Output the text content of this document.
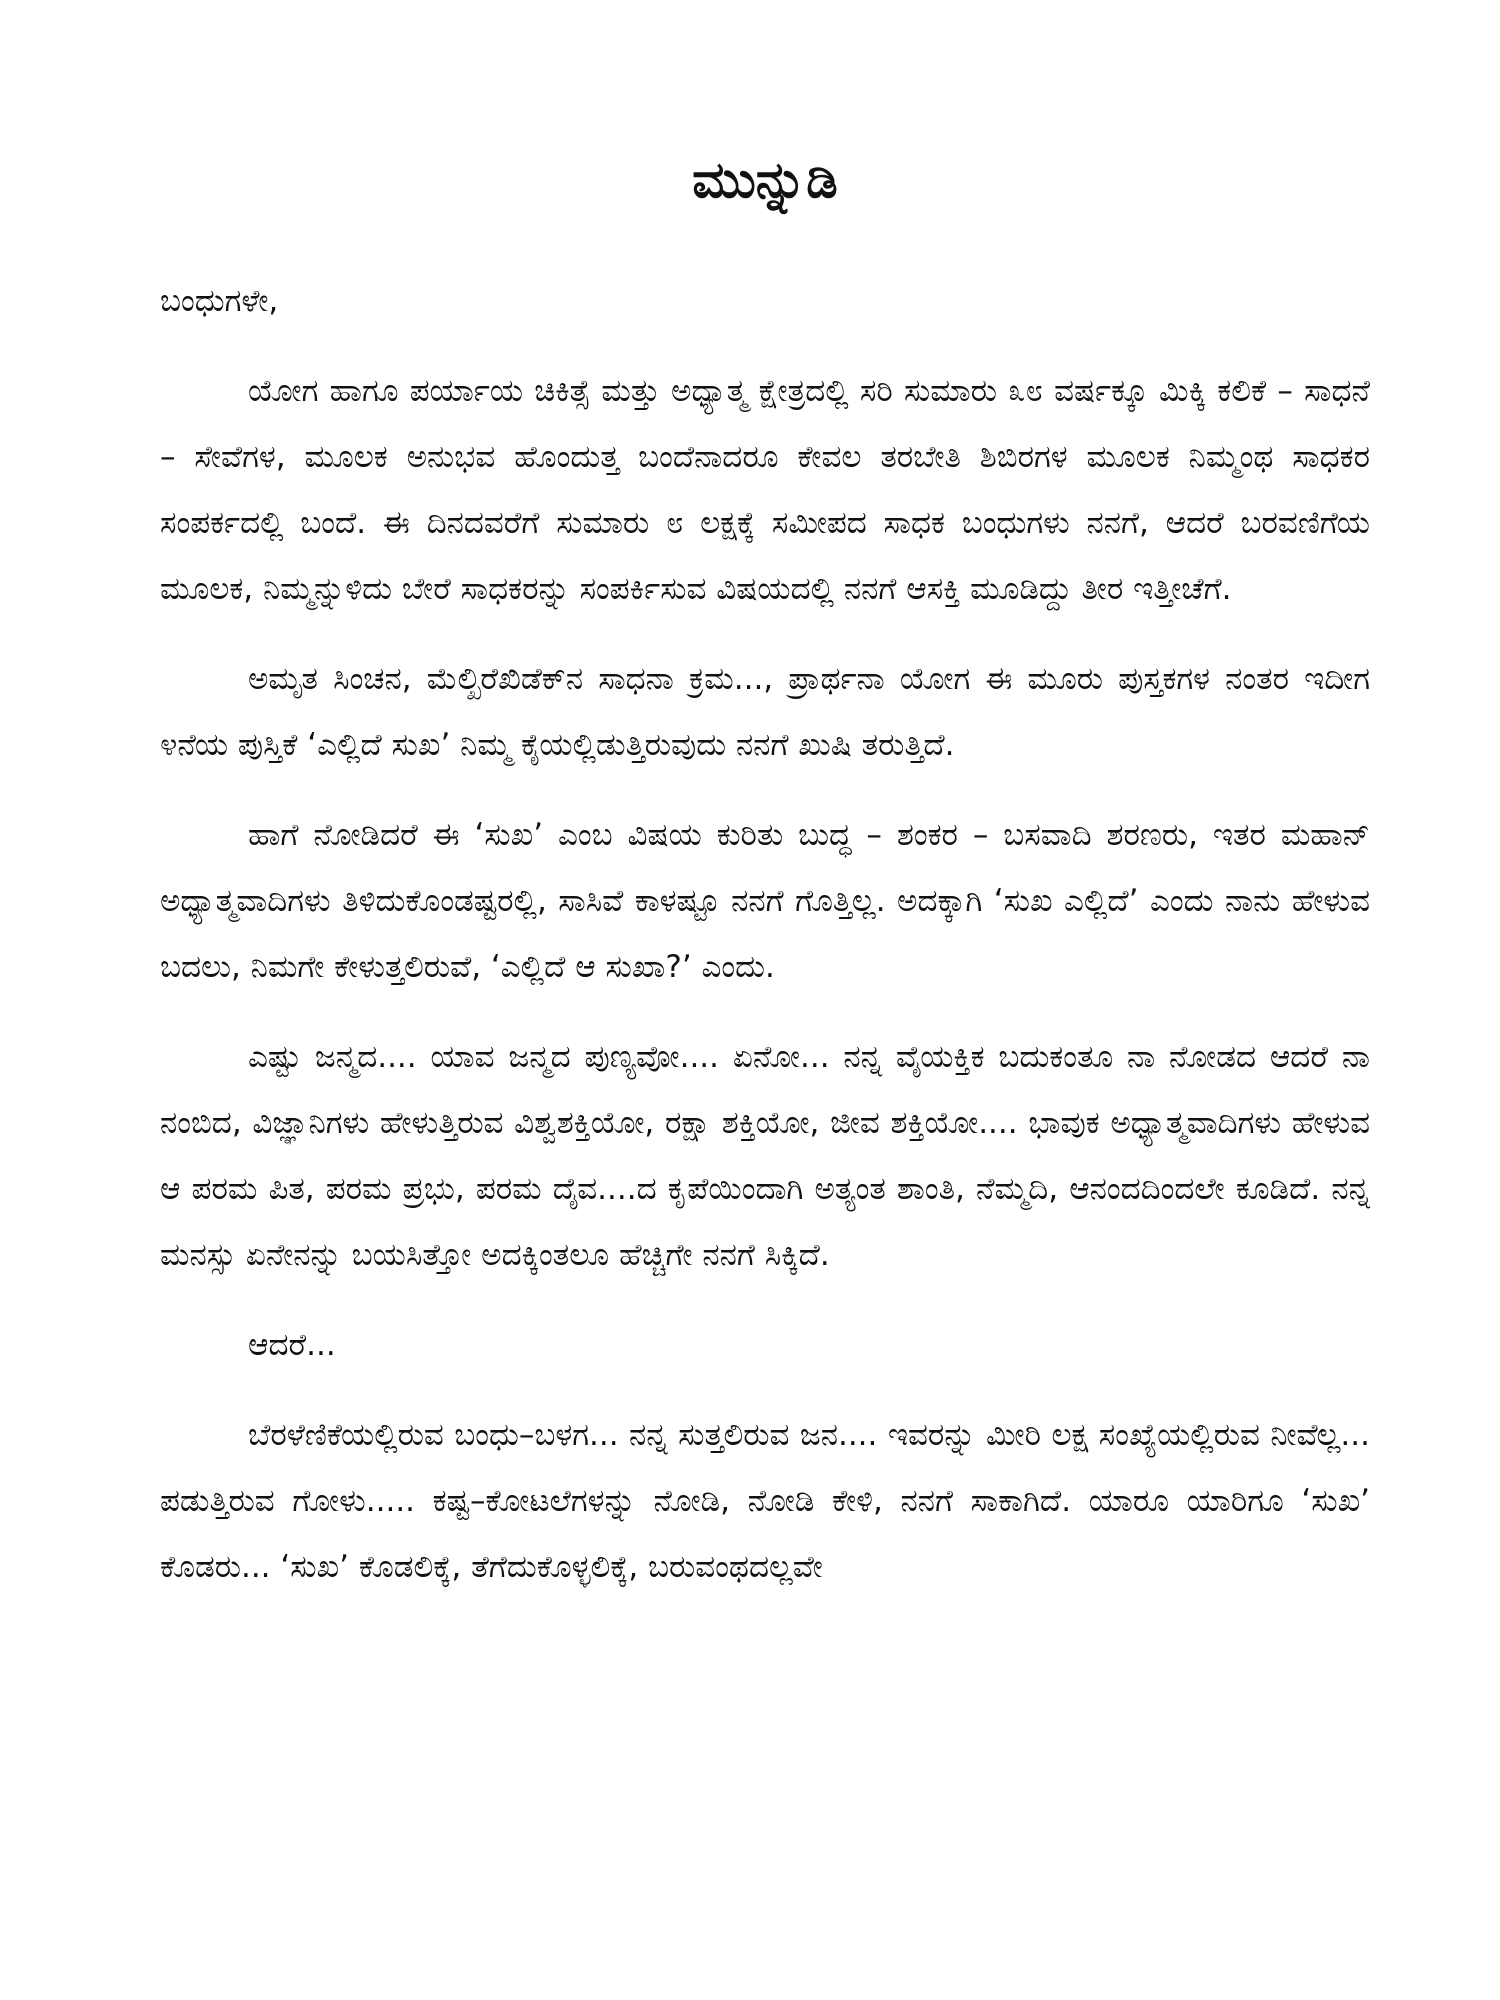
ಮುನ್ನುಡಿ
ಬಂಧುಗಳೇ,

ಯೋಗ ಹಾಗೂ ಪರ್ಯಾಯ ಚಿಕಿತ್ಸೆ ಮತ್ತು ಅಧ್ಯಾತ್ಮ ಕ್ಷೇತ್ರದಲ್ಲಿ ಸರಿ ಸುಮಾರು ೩೮ ವರ್ಷಕ್ಕೂ ಮಿಕ್ಕಿ ಕಲಿಕೆ – ಸಾಧನೆ – ಸೇವೆಗಳ, ಮೂಲಕ ಅನುಭವ ಹೊಂದುತ್ತ ಬಂದೆನಾದರೂ ಕೇವಲ ತರಬೇತಿ ಶಿಬಿರಗಳ ಮೂಲಕ ನಿಮ್ಮಂಥ ಸಾಧಕರ ಸಂಪರ್ಕದಲ್ಲಿ ಬಂದೆ. ಈ ದಿನದವರೆಗೆ ಸುಮಾರು ೮ ಲಕ್ಷಕ್ಕೆ ಸಮೀಪದ ಸಾಧಕ ಬಂಧುಗಳು ನನಗೆ, ಆದರೆ ಬರವಣಿಗೆಯ ಮೂಲಕ, ನಿಮ್ಮನ್ನುಳಿದು ಬೇರೆ ಸಾಧಕರನ್ನು ಸಂಪರ್ಕಿಸುವ ವಿಷಯದಲ್ಲಿ ನನಗೆ ಆಸಕ್ತಿ ಮೂಡಿದ್ದು ತೀರ ಇತ್ತೀಚೆಗೆ.

ಅಮೃತ ಸಿಂಚನ, ಮೆಲ್ಖಿರೆಖಿಡೆಕ್‌ನ ಸಾಧನಾ ಕ್ರಮ..., ಪ್ರಾರ್ಥನಾ ಯೋಗ ಈ ಮೂರು ಪುಸ್ತಕಗಳ ನಂತರ ಇದೀಗ ೪ನೆಯ ಪುಸ್ತಿಕೆ ‘ಎಲ್ಲಿದೆ ಸುಖ’ ನಿಮ್ಮ ಕೈಯಲ್ಲಿಡುತ್ತಿರುವುದು ನನಗೆ ಖುಷಿ ತರುತ್ತಿದೆ.

ಹಾಗೆ ನೋಡಿದರೆ ಈ ‘ಸುಖ’ ಎಂಬ ವಿಷಯ ಕುರಿತು ಬುದ್ಧ – ಶಂಕರ – ಬಸವಾದಿ ಶರಣರು, ಇತರ ಮಹಾನ್ ಅಧ್ಯಾತ್ಮವಾದಿಗಳು ತಿಳಿದುಕೊಂಡಷ್ಟರಲ್ಲಿ, ಸಾಸಿವೆ ಕಾಳಷ್ಟೂ ನನಗೆ ಗೊತ್ತಿಲ್ಲ. ಅದಕ್ಕಾಗಿ ‘ಸುಖ ಎಲ್ಲಿದೆ’ ಎಂದು ನಾನು ಹೇಳುವ ಬದಲು, ನಿಮಗೇ ಕೇಳುತ್ತಲಿರುವೆ, ‘ಎಲ್ಲಿದೆ ಆ ಸುಖಾ?’ ಎಂದು.

ಎಷ್ಟು ಜನ್ಮದ.... ಯಾವ ಜನ್ಮದ ಪುಣ್ಯವೋ.... ಏನೋ... ನನ್ನ ವೈಯಕ್ತಿಕ ಬದುಕಂತೂ ನಾ ನೋಡದ ಆದರೆ ನಾ ನಂಬಿದ, ವಿಜ್ಞಾನಿಗಳು ಹೇಳುತ್ತಿರುವ ವಿಶ್ವಶಕ್ತಿಯೋ, ರಕ್ಷಾ ಶಕ್ತಿಯೋ, ಜೀವ ಶಕ್ತಿಯೋ.... ಭಾವುಕ ಅಧ್ಯಾತ್ಮವಾದಿಗಳು ಹೇಳುವ ಆ ಪರಮ ಪಿತ, ಪರಮ ಪ್ರಭು, ಪರಮ ದೈವ....ದ ಕೃಪೆಯಿಂದಾಗಿ ಅತ್ಯಂತ ಶಾಂತಿ, ನೆಮ್ಮದಿ, ಆನಂದದಿಂದಲೇ ಕೂಡಿದೆ. ನನ್ನ ಮನಸ್ಸು ಏನೇನನ್ನು ಬಯಸಿತ್ತೋ ಅದಕ್ಕಿಂತಲೂ ಹೆಚ್ಚಿಗೇ ನನಗೆ ಸಿಕ್ಕಿದೆ.

ಆದರೆ...

ಬೆರಳೆಣಿಕೆಯಲ್ಲಿರುವ ಬಂಧು–ಬಳಗ... ನನ್ನ ಸುತ್ತಲಿರುವ ಜನ.... ಇವರನ್ನು ಮೀರಿ ಲಕ್ಷ ಸಂಖ್ಯೆಯಲ್ಲಿರುವ ನೀವೆಲ್ಲ... ಪಡುತ್ತಿರುವ ಗೋಳು..... ಕಷ್ಟ–ಕೋಟಲೆಗಳನ್ನು ನೋಡಿ, ನೋಡಿ ಕೇಳಿ, ನನಗೆ ಸಾಕಾಗಿದೆ. ಯಾರೂ ಯಾರಿಗೂ ‘ಸುಖ’ ಕೊಡರು... ‘ಸುಖ’ ಕೊಡಲಿಕ್ಕೆ, ತೆಗೆದುಕೊಳ್ಳಲಿಕ್ಕೆ, ಬರುವಂಥದಲ್ಲವೇ
